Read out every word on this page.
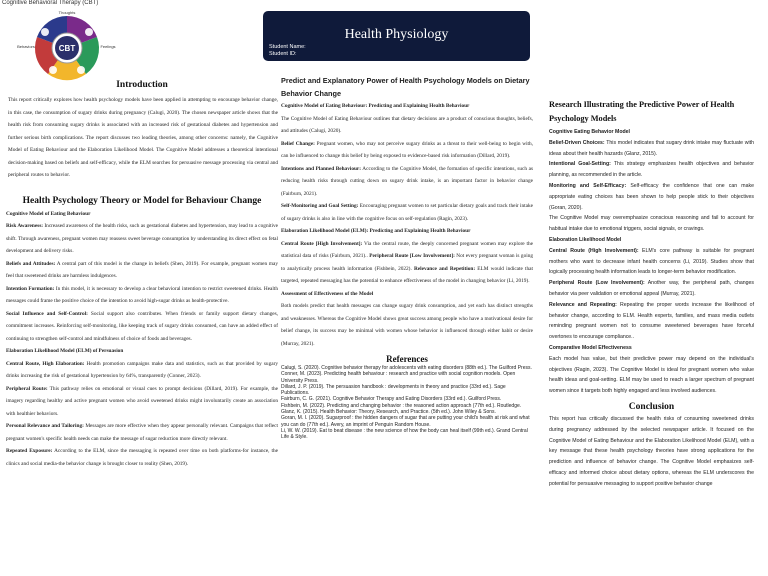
Cognitive Behavioral Therapy (CBT)
CBT
Thoughts
Feelings
Behaviors
Health Physiology
Student Name:
Student ID:
Introduction

This report critically explores how health psychology models have been applied in attempting to encourage behavior change, in this case, the consumption of sugary drinks during pregnancy (Calugi, 2020). The chosen newspaper article shows that the health risk from consuming sugary drinks is associated with an increased risk of gestational diabetes and hypertension and further serious birth complications. The report discusses two leading theories, among other concerns: namely, the Cognitive Model of Eating Behaviour and the Elaboration Likelihood Model. The Cognitive Model addresses a theoretical intentional decision-making based on beliefs and self-efficacy, while the ELM searches for persuasive message processing via central and peripheral routes to behavior.

Health Psychology Theory or Model for Behaviour Change
Cognitive Model of Eating Behaviour

Risk Awareness: Increased awareness of the health risks, such as gestational diabetes and hypertension, may lead to a cognitive shift. Through awareness, pregnant women may reassess sweet beverage consumption by understanding its direct effect on fetal development and delivery risks.

Beliefs and Attitudes: A central part of this model is the change in beliefs (Shen, 2019). For example, pregnant women may feel that sweetened drinks are harmless indulgences.

Intention Formation: In this model, it is necessary to develop a clear behavioral intention to restrict sweetened drinks. Health messages could frame the positive choice of the intention to avoid high-sugar drinks as health-protective.

Social Influence and Self-Control: Social support also contributes. When friends or family support dietary changes, commitment increases. Reinforcing self-monitoring, like keeping track of sugary drinks consumed, can have an added effect of continuing to strengthen self-control and mindfulness of choice of foods and beverages.

Elaboration Likelihood Model (ELM) of Persuasion

Central Route, High Elaboration: Health promotion campaigns make data and statistics, such as that provided by sugary drinks increasing the risk of gestational hypertension by 64%, transparently (Conner, 2023).

Peripheral Route: This pathway relies on emotional or visual cues to prompt decisions (Dillard, 2019). For example, the imagery regarding healthy and active pregnant women who avoid sweetened drinks might involuntarily create an association with healthier behaviors.

Personal Relevance and Tailoring: Messages are more effective when they appear personally relevant. Campaigns that reflect pregnant women's specific health needs can make the message of sugar reduction more directly relevant.

Repeated Exposure: According to the ELM, since the messaging is repeated over time on both platforms-for instance, the clinics and social media-the behavior change is brought closer to reality (Shen, 2019).

Predict and Explanatory Power of Health Psychology Models on Dietary Behavior Change
Cognitive Model of Eating Behaviour: Predicting and Explaining Health Behaviour

The Cognitive Model of Eating Behaviour outlines that dietary decisions are a product of conscious thoughts, beliefs, and attitudes (Calugi, 2020).

Belief Change: Pregnant women, who may not perceive sugary drinks as a threat to their well-being to begin with, can be influenced to change this belief by being exposed to evidence-based risk information (Dillard, 2019).

Intentions and Planned Behaviour: According to the Cognitive Model, the formation of specific intentions, such as reducing health risks through cutting down on sugary drink intake, is an important factor in behavior change (Fairburn, 2021).

Self-Monitoring and Goal Setting: Encouraging pregnant women to set particular dietary goals and track their intake of sugary drinks is also in line with the cognitive focus on self-regulation (Ragin, 2023).

Elaboration Likelihood Model (ELM): Predicting and Explaining Health Behaviour

Central Route [High Involvement]: Via the central route, the deeply concerned pregnant women may explore the statistical data of risks (Fairburn, 2021).. Peripheral Route [Low Involvement]: Not every pregnant woman is going to analytically process health information (Fishbein, 2022). Relevance and Repetition: ELM would indicate that targeted, repeated messaging has the potential to enhance effectiveness of the model in changing behavior (Li, 2019).

Assessment of Effectiveness of the Model

Both models predict that health messages can change sugary drink consumption, and yet each has distinct strengths and weaknesses. Whereas the Cognitive Model shows great success among people who have a motivational desire for belief change, its success may be minimal with women whose behavior is influenced through either habit or desire (Murray, 2021).

References
Calugi, S. (2020). Cognitive behavior therapy for adolescents with eating disorders (88th ed.). The Guilford Press.
Conner, M. (2023). Predicting health behaviour : research and practice with social cognition models. Open University Press.
Dillard, J. P. (2019). The persuasion handbook : developments in theory and practice (33rd ed.). Sage Publications.
Fairburn, C. G. (2021). Cognitive Behavior Therapy and Eating Disorders (33rd ed.). Guilford Press.
Fishbein, M. (2022). Predicting and changing behavior : the reasoned action approach (77th ed.). Routledge.
Glanz, K. (2015). Health Behavior: Theory, Research, and Practice. (5th ed.). John Wiley & Sons.
Goran, M. I. (2020). Sugarproof : the hidden dangers of sugar that are putting your child's health at risk and what you can do (77th ed.). Avery, an imprint of Penguin Random House.
Li, W. W. (2019). Eat to beat disease : the new science of how the body can heal itself (99th ed.). Grand Central Life & Style.
Research Illustrating the Predictive Power of Health Psychology Models
Cognitive Eating Behavior Model

Belief-Driven Choices: This model indicates that sugary drink intake may fluctuate with ideas about their health hazards (Glanz, 2015).

Intentional Goal-Setting: This strategy emphasizes health objectives and behavior planning, as recommended in the article.

Monitoring and Self-Efficacy: Self-efficacy the confidence that one can make appropriate eating choices has been shown to help people stick to their objectives (Goran, 2020).

The Cognitive Model may overemphasize conscious reasoning and fail to account for habitual intake due to emotional triggers, social signals, or cravings.

Elaboration Likelihood Model

Central Route (High Involvement): ELM's core pathway is suitable for pregnant mothers who want to decrease infant health concerns (Li, 2019). Studies show that logically processing health information leads to longer-term behavior modification.

Peripheral Route (Low Involvement): Another way, the peripheral path, changes behavior via peer validation or emotional appeal (Murray, 2021).

Relevance and Repeating: Repeating the proper words increase the likelihood of behavior change, according to ELM. Health experts, families, and mass media outlets reminding pregnant women not to consume sweetened beverages have forceful overtones to encourage compliance..

Comparative Model Effectiveness

Each model has value, but their predictive power may depend on the individual's objectives (Ragin, 2023). The Cognitive Model is ideal for pregnant women who value health ideas and goal-setting. ELM may be used to reach a larger spectrum of pregnant women since it targets both highly engaged and less involved audiences.

Conclusion

This report has critically discussed the health risks of consuming sweetened drinks during pregnancy addressed by the selected newspaper article. It focused on the Cognitive Model of Eating Behaviour and the Elaboration Likelihood Model (ELM), with a key message that these health psychology theories have strong applications for the prediction and influence of behavior change. The Cognitive Model emphasizes self-efficacy and informed choice about dietary options, whereas the ELM underscores the potential for persuasive messaging to support positive behavior change
